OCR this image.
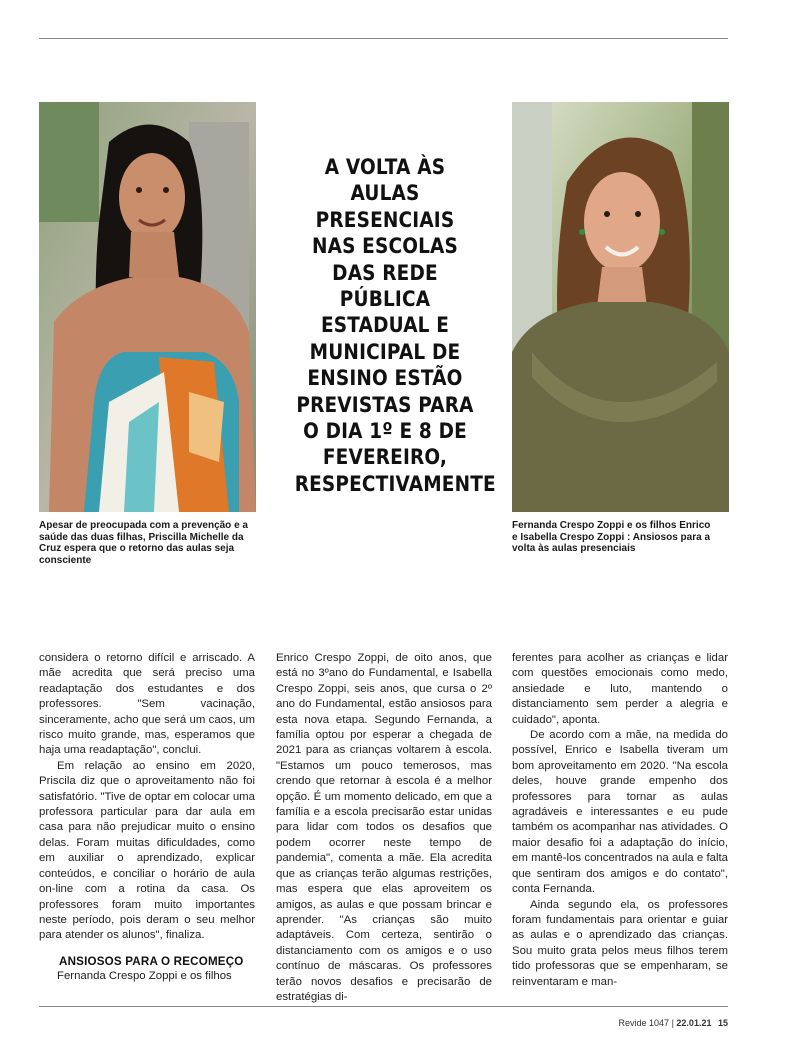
A VOLTA ÀS AULAS PRESENCIAIS NAS ESCOLAS DAS REDE PÚBLICA ESTADUAL E MUNICIPAL DE ENSINO ESTÃO PREVISTAS PARA O DIA 1º E 8 DE FEVEREIRO, RESPECTIVAMENTE
Apesar de preocupada com a prevenção e a saúde das duas filhas, Priscilla Michelle da Cruz espera que o retorno das aulas seja consciente
Fernanda Crespo Zoppi e os filhos Enrico e Isabella Crespo Zoppi : Ansiosos para a volta às aulas presenciais

considera o retorno difícil e arriscado. A mãe acredita que será preciso uma readaptação dos estudantes e dos professores. "Sem vacinação, sinceramente, acho que será um caos, um risco muito grande, mas, esperamos que haja uma readaptação", conclui.

Em relação ao ensino em 2020, Priscila diz que o aproveitamento não foi satisfatório. "Tive de optar em colocar uma professora particular para dar aula em casa para não prejudicar muito o ensino delas. Foram muitas dificuldades, como em auxiliar o aprendizado, explicar conteúdos, e conciliar o horário de aula on-line com a rotina da casa. Os professores foram muito importantes neste período, pois deram o seu melhor para atender os alunos", finaliza.

ANSIOSOS PARA O RECOMEÇO

Fernanda Crespo Zoppi e os filhos

Enrico Crespo Zoppi, de oito anos, que está no 3ºano do Fundamental, e Isabella Crespo Zoppi, seis anos, que cursa o 2º ano do Fundamental, estão ansiosos para esta nova etapa. Segundo Fernanda, a família optou por esperar a chegada de 2021 para as crianças voltarem à escola. "Estamos um pouco temerosos, mas crendo que retornar à escola é a melhor opção. É um momento delicado, em que a família e a escola precisarão estar unidas para lidar com todos os desafios que podem ocorrer neste tempo de pandemia", comenta a mãe. Ela acredita que as crianças terão algumas restrições, mas espera que elas aproveitem os amigos, as aulas e que possam brincar e aprender. "As crianças são muito adaptáveis. Com certeza, sentirão o distanciamento com os amigos e o uso contínuo de máscaras. Os professores terão novos desafios e precisarão de estratégias di-

ferentes para acolher as crianças e lidar com questões emocionais como medo, ansiedade e luto, mantendo o distanciamento sem perder a alegria e cuidado", aponta.

De acordo com a mãe, na medida do possível, Enrico e Isabella tiveram um bom aproveitamento em 2020. "Na escola deles, houve grande empenho dos professores para tornar as aulas agradáveis e interessantes e eu pude também os acompanhar nas atividades. O maior desafio foi a adaptação do início, em mantê-los concentrados na aula e falta que sentiram dos amigos e do contato", conta Fernanda.

Ainda segundo ela, os professores foram fundamentais para orientar e guiar as aulas e o aprendizado das crianças. Sou muito grata pelos meus filhos terem tido professoras que se empenharam, se reinventaram e man-

Revide 1047 | 22.01.21 15
